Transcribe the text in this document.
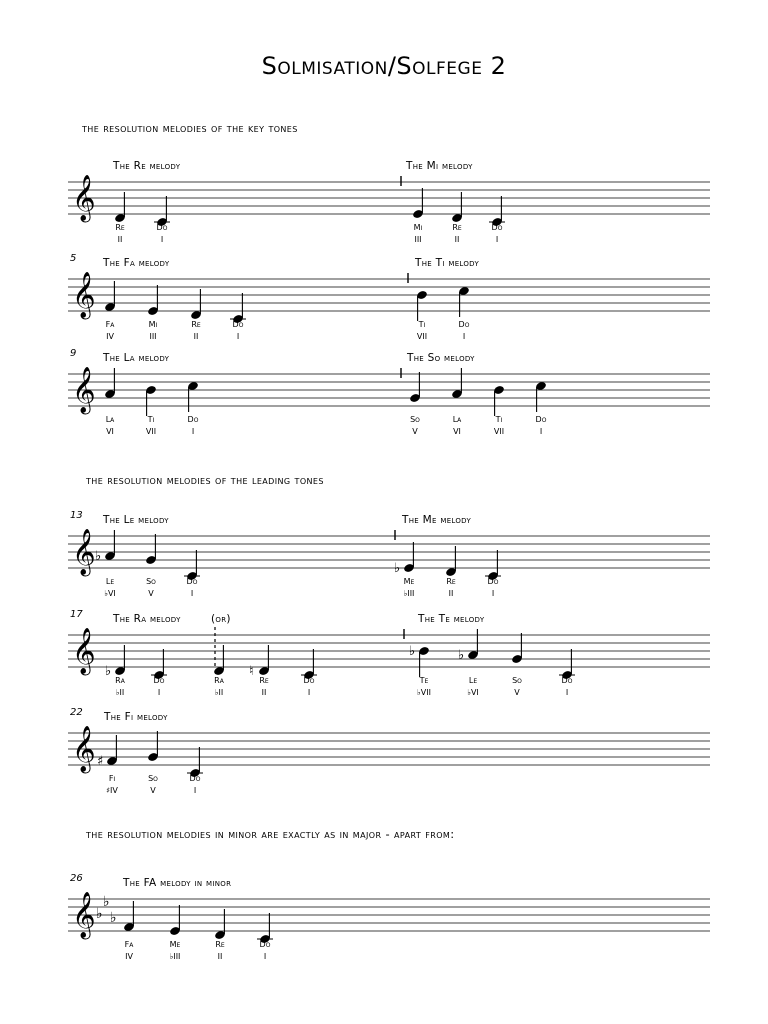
Solmisation/Solfege 2
the resolution melodies of the key tones
the resolution melodies of the leading tones
the resolution melodies in minor are exactly as in major - apart from:
𝄞
𝄞
𝄞
𝄞 ♭
♭
𝄞 ♭	♮
♭	♭
𝄞 ♯
𝄞 ♭
♭
♭
The Re melody	The Mi melody
Re
II
Do
I
Mi
III
Re
II
Do
I
5	The Fa melody	The Ti melody
Fa
IV
Mi
III
Re
II
Do
I
Ti
VII
Do
I
9	The La melody	The So melody
La
VI
Ti
VII
Do
I
So
V
La
VI
Ti
VII
Do
I
13 The Le melody	The Me melody
Le
♭VI
So
V
Do
I
Me
♭III
Re
II
Do
I
17	The Ra melody	The Te melody
(or)
Ra
♭II
Do
I
Ra
♭II
Re
II
Do
I
Te
♭VII
Le
♭VI
So
V
Do
I
22 The Fi melody
Fi
♯IV
So
V
Do
I
26	The FA melody in minor
Fa
IV
Me
♭III
Re
II
Do
I
